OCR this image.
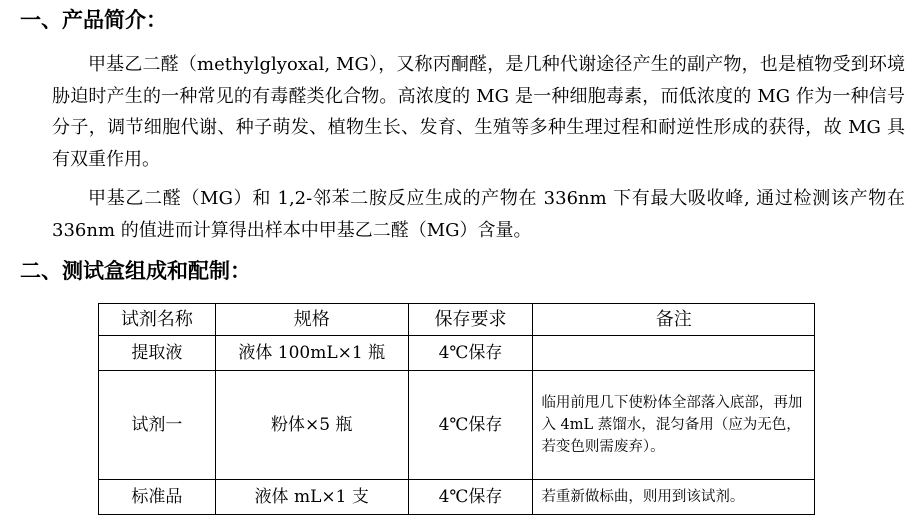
一、产品简介：

甲基乙二醛（methylglyoxal, MG），又称丙酮醛，是几种代谢途径产生的副产物，也是植物受到环境胁迫时产生的一种常见的有毒醛类化合物。高浓度的 MG 是一种细胞毒素，而低浓度的 MG 作为一种信号分子，调节细胞代谢、种子萌发、植物生长、发育、生殖等多种生理过程和耐逆性形成的获得，故 MG 具有双重作用。

甲基乙二醛（MG）和 1,2-邻苯二胺反应生成的产物在 336nm 下有最大吸收峰, 通过检测该产物在 336nm 的值进而计算得出样本中甲基乙二醛（MG）含量。

二、测试盒组成和配制：
试剂名称	规格	保存要求	备注
提取液	液体 100mL×1 瓶	4℃保存	
试剂一	粉体×5 瓶	4℃保存	临用前甩几下使粉体全部落入底部，再加入 4mL 蒸馏水，混匀备用（应为无色，若变色则需废弃）。
标准品	液体 mL×1 支	4℃保存	若重新做标曲，则用到该试剂。
